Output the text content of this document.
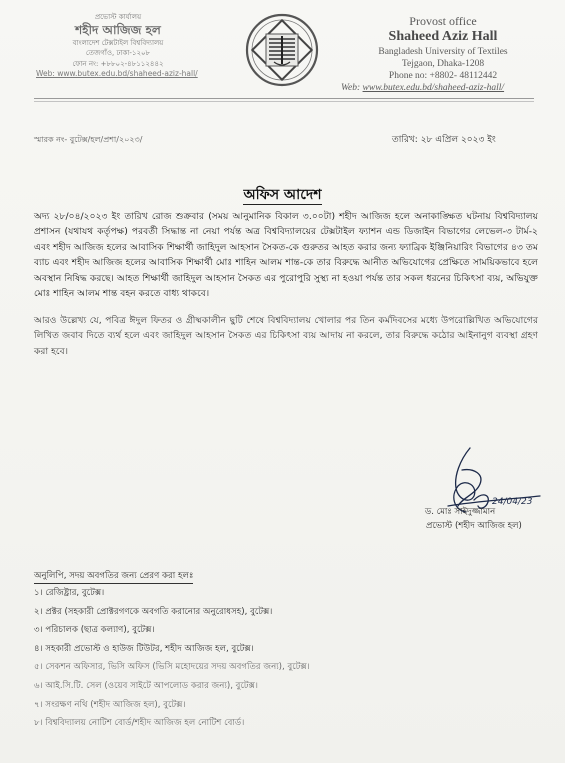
প্রভোস্ট কার্যালয়
শহীদ আজিজ হল
বাংলাদেশ টেক্সটাইল বিশ্ববিদ্যালয়
তেজগাঁও, ঢাকা-১২০৮
ফোন নং: +৮৮০২-৪৮১১২৪৪২
Web: www.butex.edu.bd/shaheed-aziz-hall/
Provost office
Shaheed Aziz Hall
Bangladesh University of Textiles
Tejgaon, Dhaka-1208
Phone no: +8802- 48112442
Web: www.butex.edu.bd/shaheed-aziz-hall/
স্মারক নং- বুটেক্স/হল/প্রশা/২০২৩/	তারিখ: ২৮ এপ্রিল ২০২৩ ইং
অফিস আদেশ

অদ্য ২৮/০৪/২০২৩ ইং তারিখ রোজ শুক্রবার (সময় আনুমানিক বিকাল ৩.০০টা) শহীদ আজিজ হলে অনাকাঙ্ক্ষিত ঘটনায় বিশ্ববিদ্যালয় প্রশাসন (যথাযথ কর্তৃপক্ষ) পরবর্তী সিদ্ধান্ত না নেয়া পর্যন্ত অত্র বিশ্ববিদ্যালয়ের টেক্সটাইল ফ্যাশন এন্ড ডিজাইন বিভাগের লেভেল-৩ টার্ম-২ এবং শহীদ আজিজ হলের আবাসিক শিক্ষার্থী জাহিদুল আহসান সৈকত-কে গুরুতর আহত করার জন্য ফ্যাব্রিক ইঞ্জিনিয়ারিং বিভাগের ৪৩ তম ব্যাচ এবং শহীদ আজিজ হলের আবাসিক শিক্ষার্থী মোঃ শাহিন আলম শান্ত-কে তার বিরুদ্ধে আনীত অভিযোগের প্রেক্ষিতে সাময়িকভাবে হলে অবস্থান নিষিদ্ধ করছে। আহত শিক্ষার্থী জাহিদুল আহসান সৈকত এর পুরোপুরি সুস্থ্য না হওয়া পর্যন্ত তার সকল ধরনের চিকিৎসা ব্যয়, অভিযুক্ত মোঃ শাহিন আলম শান্ত বহন করতে বাধ্য থাকবে।

আরও উল্লেখ্য যে, পবিত্র ঈদুল ফিতর ও গ্রীষ্মকালীন ছুটি শেষে বিশ্ববিদ্যালয় খোলার পর তিন কর্মদিবসের মধ্যে উপরোল্লিখিত অভিযোগের লিখিত জবাব দিতে ব্যর্থ হলে এবং জাহিদুল আহসান সৈকত এর চিকিৎসা ব্যয় আদায় না করলে, তার বিরুদ্ধে কঠোর আইনানুগ ব্যবস্থা গ্রহণ করা হবে।

24/04/23
ড. মোঃ সাইদুজ্জামান
প্রভোস্ট (শহীদ আজিজ হল)
অনুলিপি, সদয় অবগতির জন্য প্রেরণ করা হলঃ
১। রেজিষ্ট্রার, বুটেক্স।
২। প্রক্টর (সহকারী প্রোক্টরগণকে অবগতি করানোর অনুরোধসহ), বুটেক্স।
৩। পরিচালক (ছাত্র কল্যাণ), বুটেক্স।
৪। সহকারী প্রভোস্ট ও হাউজ টিউটর, শহীদ আজিজ হল, বুটেক্স।
৫। সেকশন অফিসার, ভিসি অফিস (ভিসি মহোদয়ের সদয় অবগতির জন্য), বুটেক্স।
৬। আই.সি.টি. সেল (ওয়েব সাইটে আপলোড করার জন্য), বুটেক্স।
৭। সংরক্ষণ নথি (শহীদ আজিজ হল), বুটেক্স।
৮। বিশ্ববিদ্যালয় নোটিশ বোর্ড/শহীদ আজিজ হল নোটিশ বোর্ড।
